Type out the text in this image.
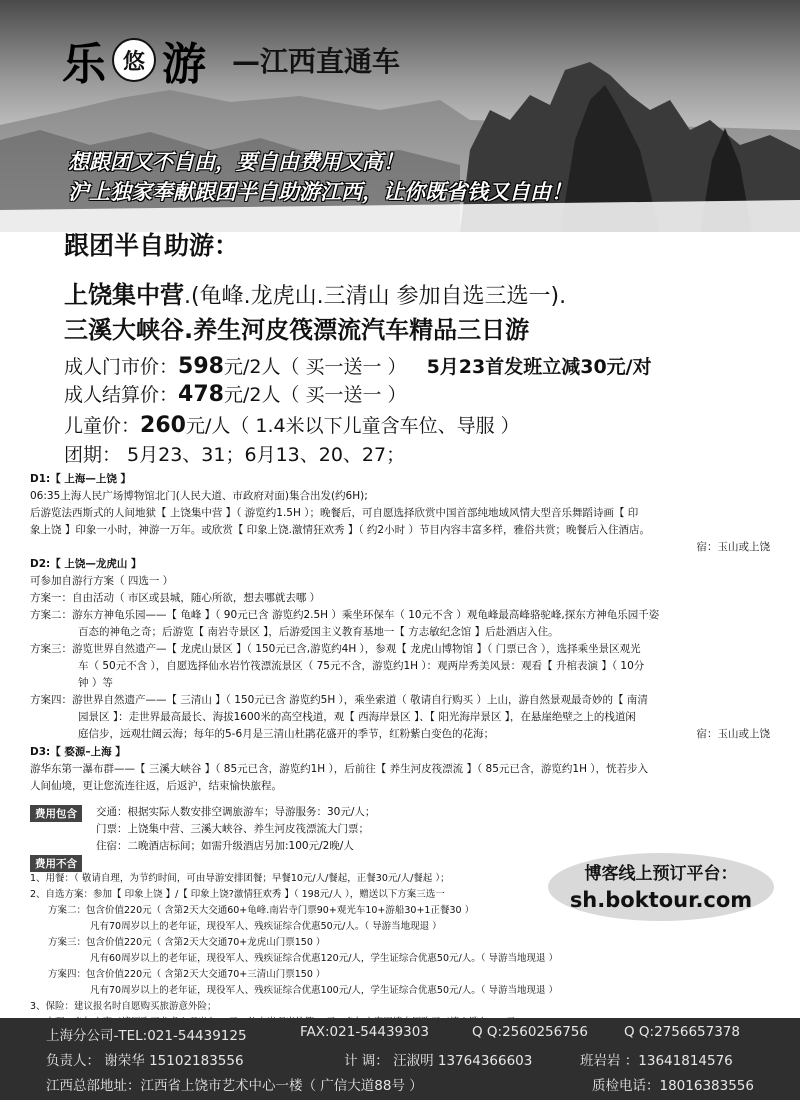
乐 悠 游 —江西直通车
想跟团又不自由，要自由费用又高！
沪上独家奉献跟团半自助游江西，让你既省钱又自由！
跟团半自助游：
上饶集中营.(龟峰.龙虎山.三清山 参加自选三选一).
三溪大峡谷.养生河皮筏漂流汽车精品三日游
成人门市价：598元/2人（ 买一送一 ） 5月23首发班立减30元/对
成人结算价：478元/2人（ 买一送一 ）
儿童价：260元/人（ 1.4米以下儿童含车位、导服 ）
团期： 5月23、31；6月13、20、27；
D1:【 上海—上饶 】
06:35上海人民广场博物馆北门(人民大道、市政府对面)集合出发(约6H);
后游览法西斯式的人间地狱【 上饶集中营 】（ 游览约1.5H ）；晚餐后，可自愿选择欣赏中国首部纯地域风情大型音乐舞蹈诗画【 印
象上饶 】印象一小时，神游一万年。或欣赏【 印象上饶.激情狂欢秀 】（ 约2小时 ）节目内容丰富多样，雅俗共赏；晚餐后入住酒店。
宿：玉山或上饶
D2:【 上饶—龙虎山 】
可参加自游行方案（ 四选一 ）
方案一：自由活动（ 市区或县城，随心所欲，想去哪就去哪 ）
方案二：游东方神龟乐园——【 龟峰 】（ 90元已含 游览约2.5H ）乘坐环保车（ 10元不含 ）观龟峰最高峰骆驼峰,探东方神龟乐园千姿
百态的神龟之奇；后游览【 南岩寺景区 】，后游爱国主义教育基地一【 方志敏纪念馆 】后赴酒店入住。
方案三：游览世界自然遗产—【 龙虎山景区 】（ 150元已含,游览约4H ），参观【 龙虎山博物馆 】（ 门票已含 ），选择乘坐景区观光
车（ 50元不含 ），自愿选择仙水岩竹筏漂流景区（ 75元不含，游览约1H ）：观两岸秀美风景：观看【 升棺表演 】（ 10分
钟 ）等
方案四：游世界自然遗产——【 三清山 】（ 150元已含 游览约5H ），乘坐索道（ 敬请自行购买 ）上山，游自然景观最奇妙的【 南清
园景区 】：走世界最高最长、海拔1600米的高空栈道，观【 西海岸景区 】、【 阳光海岸景区 】，在悬崖绝壁之上的栈道闲
庭信步，远观壮阔云海；每年的5-6月是三清山杜鹃花盛开的季节，红粉紫白变色的花海；	宿：玉山或上饶
D3:【 婺源–上海 】
游华东第一瀑布群——【 三溪大峡谷 】（ 85元已含，游览约1H ），后前往【 养生河皮筏漂流 】（ 85元已含，游览约1H ），恍若步入
人间仙境，更让您流连往返，后返沪，结束愉快旅程。
费用包含	交通：根据实际人数安排空调旅游车；导游服务：30元/人；
门票：上饶集中营、三溪大峡谷、养生河皮筏漂流大门票；
住宿：二晚酒店标间；如需升级酒店另加:100元/2晚/人
费用不含
1、用餐：（ 敬请自理，为节约时间，可由导游安排团餐；早餐10元/人/餐起，正餐30元/人/餐起 ）；
2、自选方案：参加【 印象上饶 】/【 印象上饶?激情狂欢秀 】（ 198元/人 ），赠送以下方案三选一
方案二：包含价值220元（ 含第2天大交通60+龟峰.南岩寺门票90+观光车10+游船30+1正餐30 ）
凡有70周岁以上的老年证，现役军人、残疾证综合优惠50元/人。（ 导游当地现退 ）
方案三：包含价值220元（ 含第2天大交通70+龙虎山门票150 ）
凡有60周岁以上的老年证，现役军人、残疾证综合优惠120元/人，学生证综合优惠50元/人。（ 导游当地现退 ）
方案四：包含价值220元（ 含第2天大交通70+三清山门票150 ）
凡有70周岁以上的老年证，现役军人、残疾证综合优惠100元/人，学生证综合优惠50元/人。（ 导游当地现退 ）
3、保险：建议报名时自愿购买旅游意外险；
博客线上预订平台：
sh.boktour.com
上海分公司-TEL:021-54439125	FAX:021-54439303	Q Q:2560256756	Q Q:2756657378
负责人： 谢荣华 15102183556	计 调： 汪淑明 13764366603	班岩岩 ：13641814576
江西总部地址：江西省上饶市艺术中心一楼（ 广信大道88号 ）	质检电话：18016383556
